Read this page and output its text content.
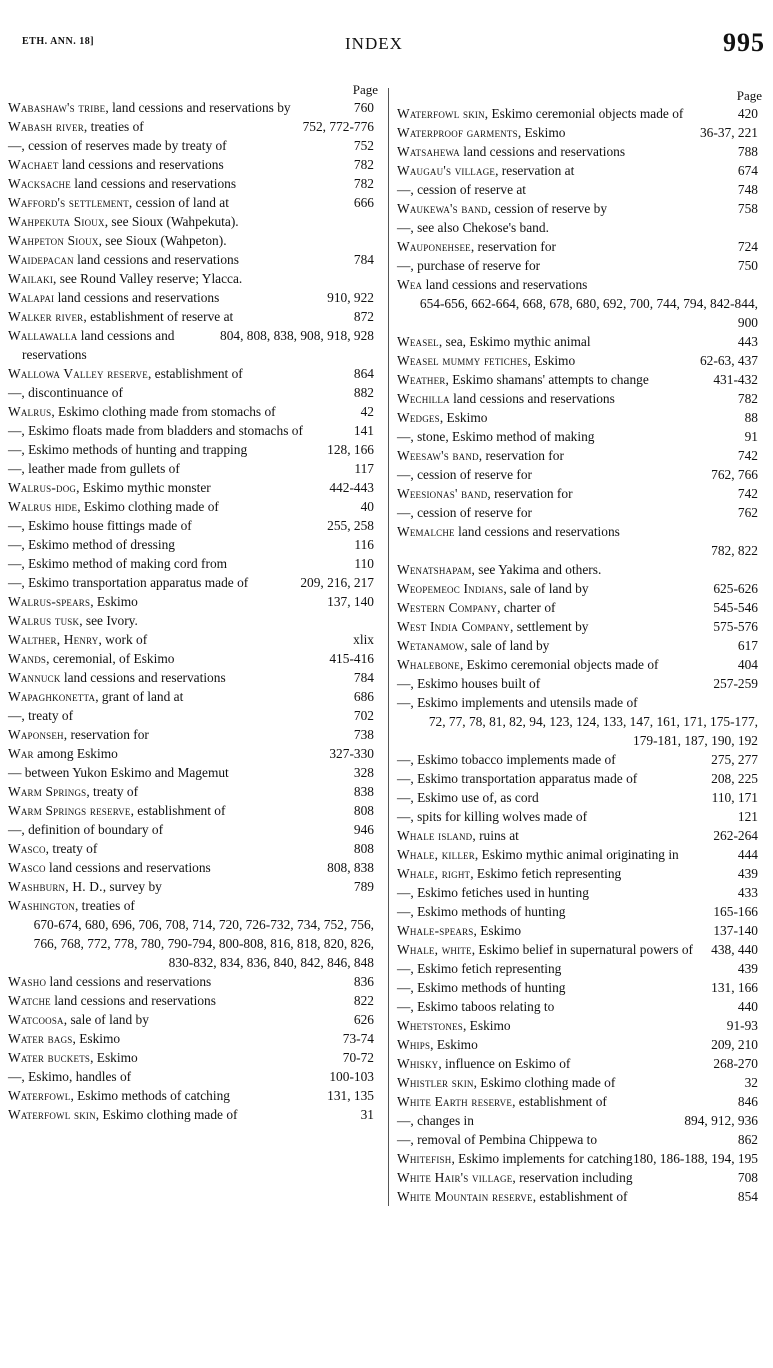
ETH. ANN. 18]	INDEX	995
Page
760
Wabashaw's tribe, land cessions and reservations by
752, 772-776
Wabash river, treaties of
752
—, cession of reserves made by treaty of
782
Wachaet land cessions and reservations
782
Wacksache land cessions and reservations
666
Wafford's settlement, cession of land at
Wahpekuta Sioux, see Sioux (Wahpekuta).
Wahpeton Sioux, see Sioux (Wahpeton).
784
Waidepacan land cessions and reservations
Wailaki, see Round Valley reserve; Ylacca.
910, 922
Walapai land cessions and reservations
872
Walker river, establishment of reserve at
804, 808, 838, 908, 918, 928
Wallawalla land cessions and reservations
864
Wallowa Valley reserve, establishment of
882
—, discontinuance of
42
Walrus, Eskimo clothing made from stomachs of
141
—, Eskimo floats made from bladders and stomachs of
128, 166
—, Eskimo methods of hunting and trapping
117
—, leather made from gullets of
442-443
Walrus-dog, Eskimo mythic monster
40
Walrus hide, Eskimo clothing made of
255, 258
—, Eskimo house fittings made of
116
—, Eskimo method of dressing
110
—, Eskimo method of making cord from
209, 216, 217
—, Eskimo transportation apparatus made of
137, 140
Walrus-spears, Eskimo
Walrus tusk, see Ivory.
xlix
Walther, Henry, work of
415-416
Wands, ceremonial, of Eskimo
784
Wannuck land cessions and reservations
686
Wapaghkonetta, grant of land at
702
—, treaty of
738
Waponseh, reservation for
327-330
War among Eskimo
328
— between Yukon Eskimo and Magemut
838
Warm Springs, treaty of
808
Warm Springs reserve, establishment of
946
—, definition of boundary of
808
Wasco, treaty of
808, 838
Wasco land cessions and reservations
789
Washburn, H. D., survey by
Washington, treaties of
670-674, 680, 696, 706, 708, 714, 720, 726-732, 734, 752, 756, 766, 768, 772, 778, 780, 790-794, 800-808, 816, 818, 820, 826, 830-832, 834, 836, 840, 842, 846, 848
836
Washo land cessions and reservations
822
Watche land cessions and reservations
626
Watcoosa, sale of land by
73-74
Water bags, Eskimo
70-72
Water buckets, Eskimo
100-103
—, Eskimo, handles of
131, 135
Waterfowl, Eskimo methods of catching
31
Waterfowl skin, Eskimo clothing made of
Page
420
Waterfowl skin, Eskimo ceremonial objects made of
36-37, 221
Waterproof garments, Eskimo
788
Watsahewa land cessions and reservations
674
Waugau's village, reservation at
748
—, cession of reserve at
758
Waukewa's band, cession of reserve by
—, see also Chekose's band.
724
Wauponehsee, reservation for
750
—, purchase of reserve for
Wea land cessions and reservations
654-656, 662-664, 668, 678, 680, 692, 700, 744, 794, 842-844, 900
443
Weasel, sea, Eskimo mythic animal
62-63, 437
Weasel mummy fetiches, Eskimo
431-432
Weather, Eskimo shamans' attempts to change
782
Wechilla land cessions and reservations
88
Wedges, Eskimo
91
—, stone, Eskimo method of making
742
Weesaw's band, reservation for
762, 766
—, cession of reserve for
742
Weesionas' band, reservation for
762
—, cession of reserve for
Wemalche land cessions and reservations
782, 822
Wenatshapam, see Yakima and others.
625-626
Weopemeoc Indians, sale of land by
545-546
Western Company, charter of
575-576
West India Company, settlement by
617
Wetanamow, sale of land by
404
Whalebone, Eskimo ceremonial objects made of
257-259
—, Eskimo houses built of
—, Eskimo implements and utensils made of
72, 77, 78, 81, 82, 94, 123, 124, 133, 147, 161, 171, 175-177, 179-181, 187, 190, 192
275, 277
—, Eskimo tobacco implements made of
208, 225
—, Eskimo transportation apparatus made of
110, 171
—, Eskimo use of, as cord
121
—, spits for killing wolves made of
262-264
Whale island, ruins at
444
Whale, killer, Eskimo mythic animal originating in
439
Whale, right, Eskimo fetich representing
433
—, Eskimo fetiches used in hunting
165-166
—, Eskimo methods of hunting
137-140
Whale-spears, Eskimo
438, 440
Whale, white, Eskimo belief in supernatural powers of
439
—, Eskimo fetich representing
131, 166
—, Eskimo methods of hunting
440
—, Eskimo taboos relating to
91-93
Whetstones, Eskimo
209, 210
Whips, Eskimo
268-270
Whisky, influence on Eskimo of
32
Whistler skin, Eskimo clothing made of
846
White Earth reserve, establishment of
894, 912, 936
—, changes in
862
—, removal of Pembina Chippewa to
180, 186-188, 194, 195
Whitefish, Eskimo implements for catching
708
White Hair's village, reservation including
854
White Mountain reserve, establishment of
